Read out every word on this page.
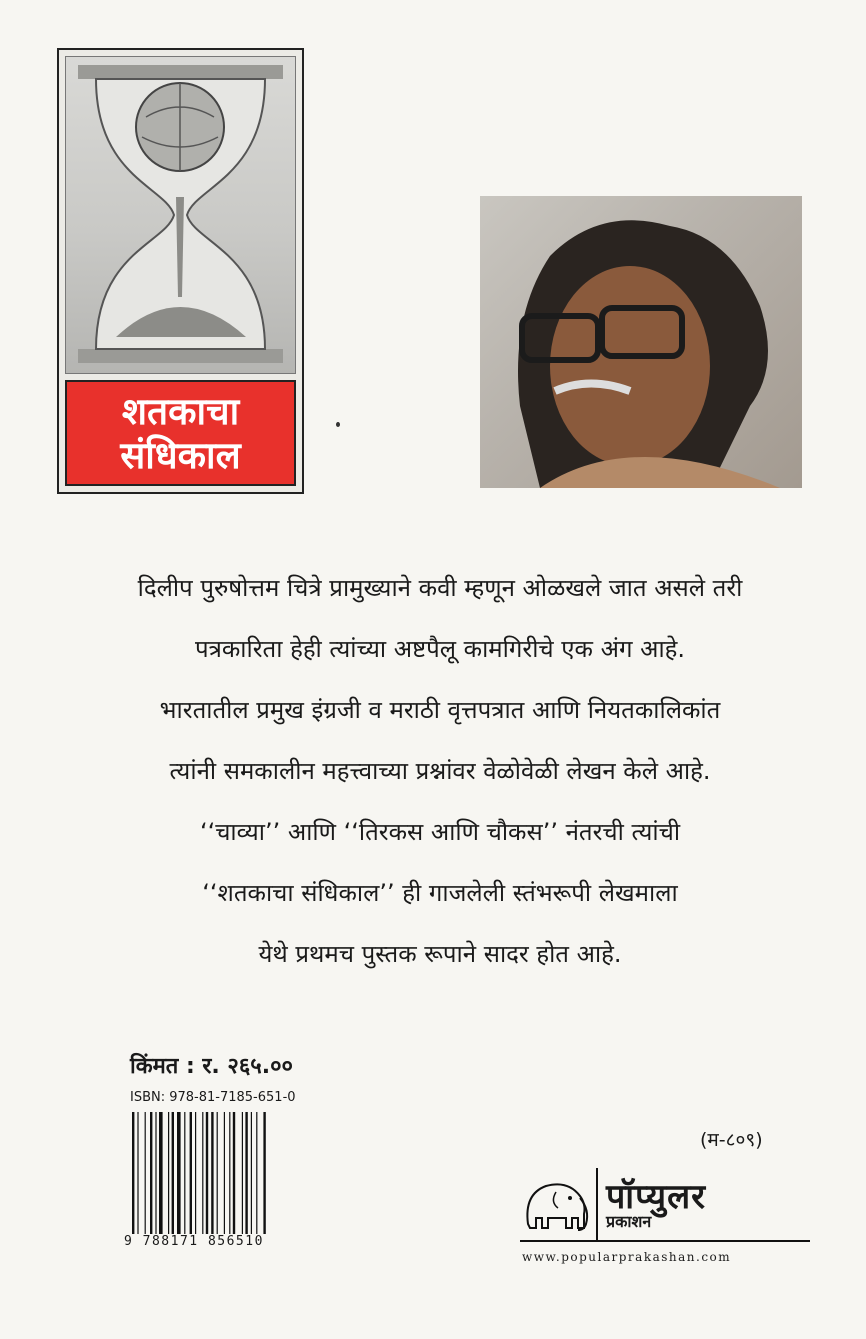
शतकाचा
संधिकाल

दिलीप पुरुषोत्तम चित्रे प्रामुख्याने कवी म्हणून ओळखले जात असले तरी

पत्रकारिता हेही त्यांच्या अष्टपैलू कामगिरीचे एक अंग आहे.

भारतातील प्रमुख इंग्रजी व मराठी वृत्तपत्रात आणि नियतकालिकांत

त्यांनी समकालीन महत्त्वाच्या प्रश्नांवर वेळोवेळी लेखन केले आहे.

‘‘चाव्या’’ आणि ‘‘तिरकस आणि चौकस’’ नंतरची त्यांची

‘‘शतकाचा संधिकाल’’ ही गाजलेली स्तंभरूपी लेखमाला

येथे प्रथमच पुस्तक रूपाने सादर होत आहे.

किंमत : र. २६५.००
ISBN: 978-81-7185-651-0
9 788171 856510
(म-८०९)
पॉप्युलर
प्रकाशन
www.popularprakashan.com
